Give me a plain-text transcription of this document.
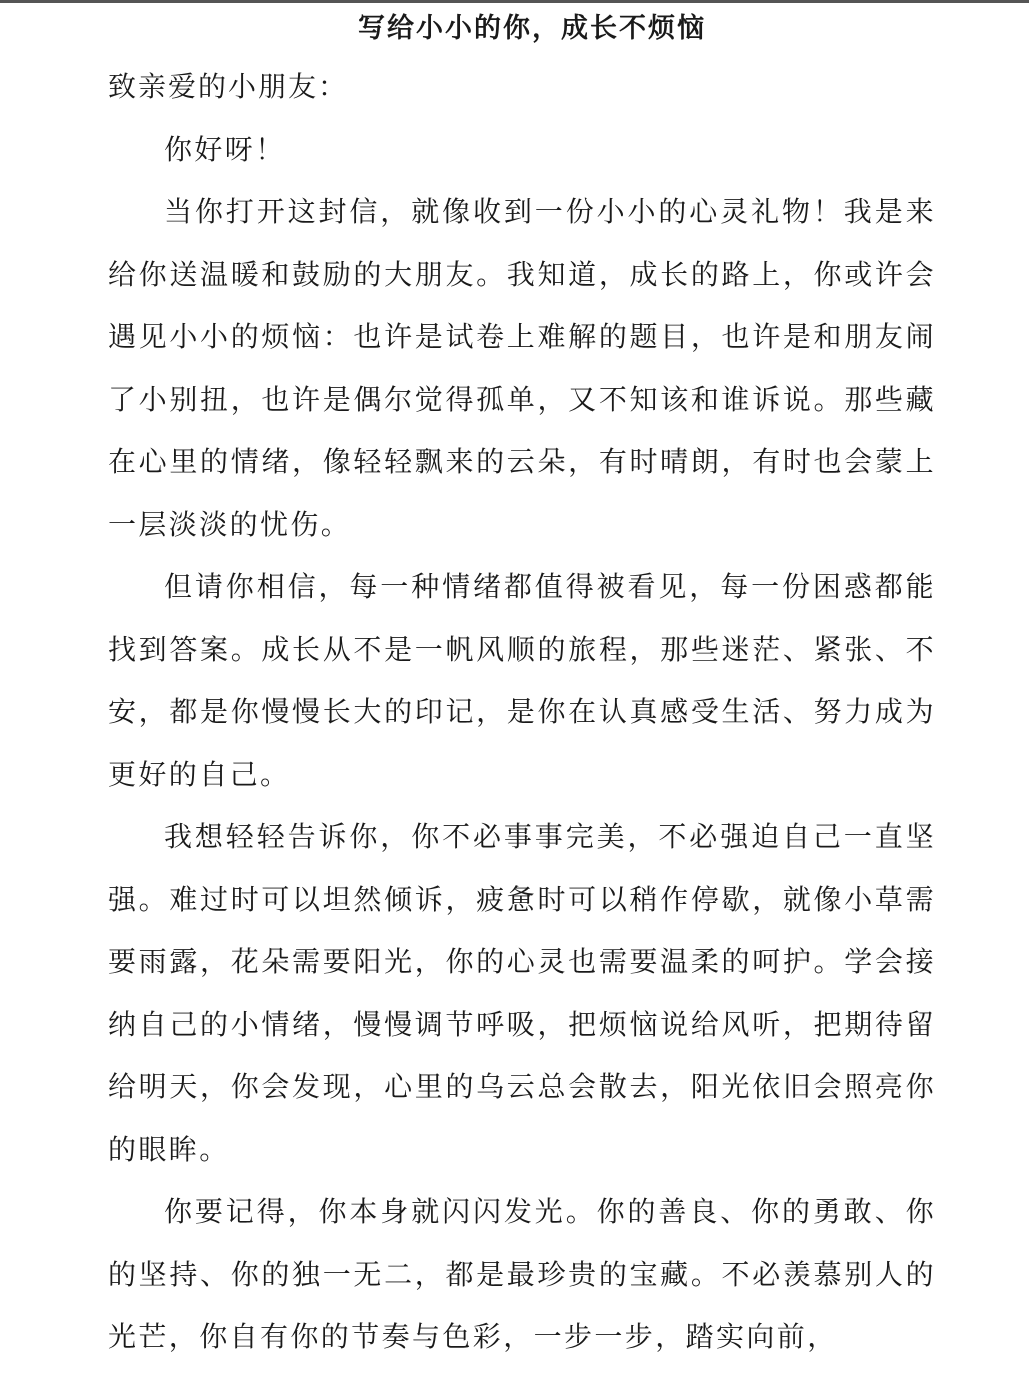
写给小小的你，成长不烦恼

致亲爱的小朋友：

你好呀！

当你打开这封信，就像收到一份小小的心灵礼物！我是来给你送温暖和鼓励的大朋友。我知道，成长的路上，你或许会遇见小小的烦恼：也许是试卷上难解的题目，也许是和朋友闹了小别扭，也许是偶尔觉得孤单，又不知该和谁诉说。那些藏在心里的情绪，像轻轻飘来的云朵，有时晴朗，有时也会蒙上一层淡淡的忧伤。

但请你相信，每一种情绪都值得被看见，每一份困惑都能找到答案。成长从不是一帆风顺的旅程，那些迷茫、紧张、不安，都是你慢慢长大的印记，是你在认真感受生活、努力成为更好的自己。

我想轻轻告诉你，你不必事事完美，不必强迫自己一直坚强。难过时可以坦然倾诉，疲惫时可以稍作停歇，就像小草需要雨露，花朵需要阳光，你的心灵也需要温柔的呵护。学会接纳自己的小情绪，慢慢调节呼吸，把烦恼说给风听，把期待留给明天，你会发现，心里的乌云总会散去，阳光依旧会照亮你的眼眸。

你要记得，你本身就闪闪发光。你的善良、你的勇敢、你的坚持、你的独一无二，都是最珍贵的宝藏。不必羡慕别人的光芒，你自有你的节奏与色彩，一步一步，踏实向前，
